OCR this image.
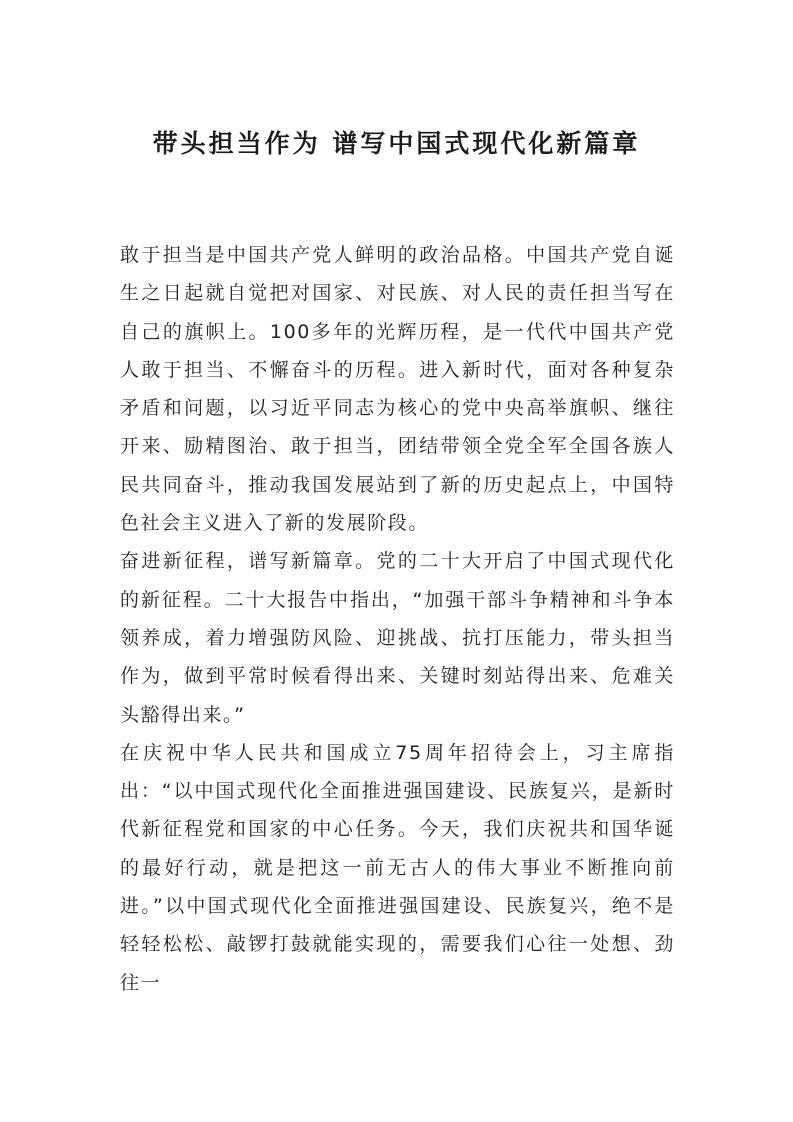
带头担当作为 谱写中国式现代化新篇章

敢于担当是中国共产党人鲜明的政治品格。中国共产党自诞生之日起就自觉把对国家、对民族、对人民的责任担当写在自己的旗帜上。100多年的光辉历程，是一代代中国共产党人敢于担当、不懈奋斗的历程。进入新时代，面对各种复杂矛盾和问题，以习近平同志为核心的党中央高举旗帜、继往开来、励精图治、敢于担当，团结带领全党全军全国各族人民共同奋斗，推动我国发展站到了新的历史起点上，中国特色社会主义进入了新的发展阶段。

奋进新征程，谱写新篇章。党的二十大开启了中国式现代化的新征程。二十大报告中指出，“加强干部斗争精神和斗争本领养成，着力增强防风险、迎挑战、抗打压能力，带头担当作为，做到平常时候看得出来、关键时刻站得出来、危难关头豁得出来。”

在庆祝中华人民共和国成立75周年招待会上，习主席指出：“以中国式现代化全面推进强国建设、民族复兴，是新时代新征程党和国家的中心任务。今天，我们庆祝共和国华诞的最好行动，就是把这一前无古人的伟大事业不断推向前进。”以中国式现代化全面推进强国建设、民族复兴，绝不是轻轻松松、敲锣打鼓就能实现的，需要我们心往一处想、劲往一
